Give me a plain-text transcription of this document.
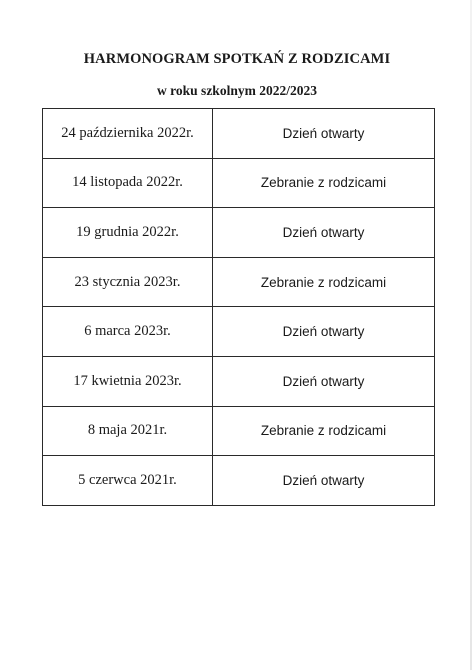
HARMONOGRAM SPOTKAŃ Z RODZICAMI
w roku szkolnym 2022/2023
24 października 2022r.	Dzień otwarty
14 listopada 2022r.	Zebranie z rodzicami
19 grudnia 2022r.	Dzień otwarty
23 stycznia 2023r.	Zebranie z rodzicami
6 marca 2023r.	Dzień otwarty
17 kwietnia 2023r.	Dzień otwarty
8 maja 2021r.	Zebranie z rodzicami
5 czerwca 2021r.	Dzień otwarty
